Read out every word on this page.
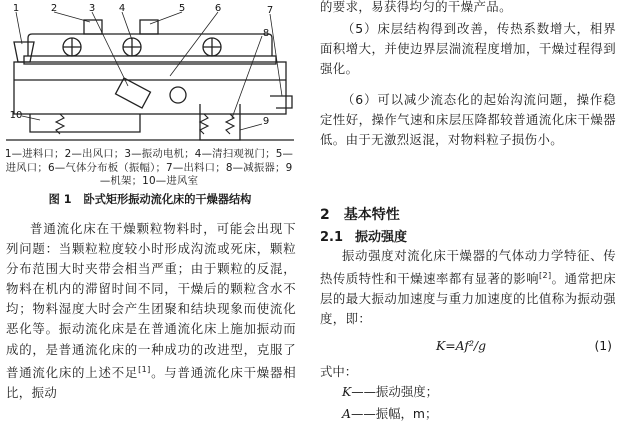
1	2	3 4	5	6	7
8
9
10
1—进料口；2—出风口；3—振动电机；4—清扫观视门；5—进风口；6—气体分布板（振幅）；7—出料口；8—减振器；9—机架；10—进风室
图 1 卧式矩形振动流化床的干燥器结构

普通流化床在干燥颗粒物料时，可能会出现下列问题：当颗粒粒度较小时形成沟流或死床，颗粒分布范围大时夹带会相当严重；由于颗粒的反混，物料在机内的滞留时间不同，干燥后的颗粒含水不均；物料湿度大时会产生团聚和结块现象而使流化恶化等。振动流化床是在普通流化床上施加振动而成的，是普通流化床的一种成功的改进型，克服了普通流化床的上述不足[1]。与普通流化床干燥器相比，振动

的要求，易获得均匀的干燥产品。

（5）床层结构得到改善，传热系数增大，相界面积增大，并使边界层湍流程度增加，干燥过程得到强化。

（6）可以减少流态化的起始沟流问题，操作稳定性好，操作气速和床层压降都较普通流化床干燥器低。由于无激烈返混，对物料粒子损伤小。

2 基本特性
2.1 振动强度

振动强度对流化床干燥器的气体动力学特征、传热传质特性和干燥速率都有显著的影响[2]。通常把床层的最大振动加速度与重力加速度的比值称为振动强度，即：

K=Af²/g	(1)
式中：
K——振动强度；
A——振幅，m；
